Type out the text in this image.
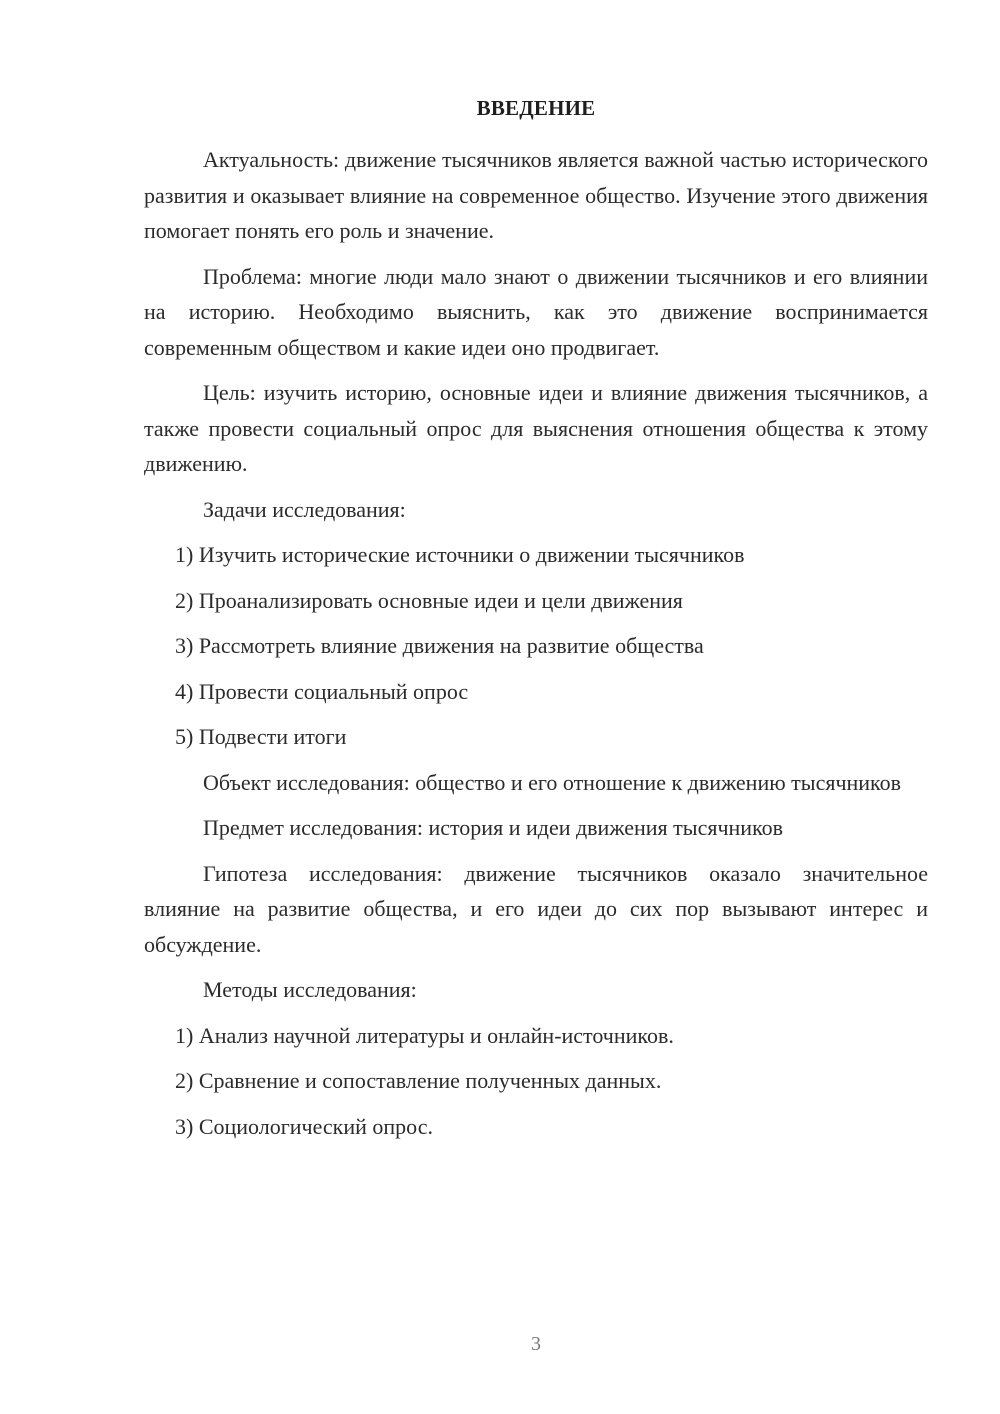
ВВЕДЕНИЕ

Актуальность: движение тысячников является важной частью исторического развития и оказывает влияние на современное общество. Изучение этого движения помогает понять его роль и значение.

Проблема: многие люди мало знают о движении тысячников и его влиянии на историю. Необходимо выяснить, как это движение воспринимается современным обществом и какие идеи оно продвигает.

Цель: изучить историю, основные идеи и влияние движения тысячников, а также провести социальный опрос для выяснения отношения общества к этому движению.

Задачи исследования:

1) Изучить исторические источники о движении тысячников

2) Проанализировать основные идеи и цели движения

3) Рассмотреть влияние движения на развитие общества

4) Провести социальный опрос

5) Подвести итоги

Объект исследования: общество и его отношение к движению тысячников

Предмет исследования: история и идеи движения тысячников

Гипотеза исследования: движение тысячников оказало значительное влияние на развитие общества, и его идеи до сих пор вызывают интерес и обсуждение.

Методы исследования:

1) Анализ научной литературы и онлайн-источников.

2) Сравнение и сопоставление полученных данных.

3) Социологический опрос.

3
